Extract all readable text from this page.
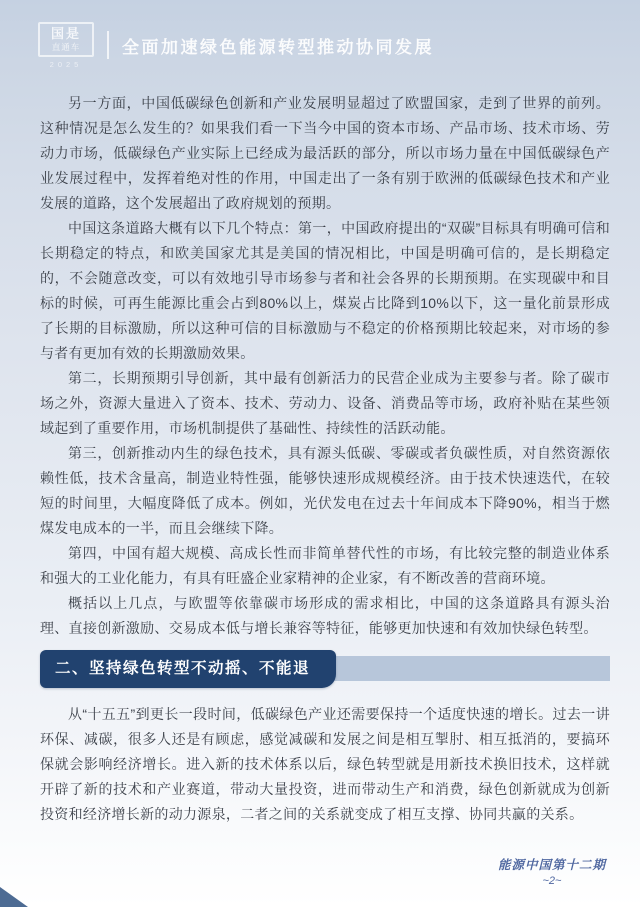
国是
直通车
2025
全面加速绿色能源转型推动协同发展

另一方面，中国低碳绿色创新和产业发展明显超过了欧盟国家，走到了世界的前列。这种情况是怎么发生的？如果我们看一下当今中国的资本市场、产品市场、技术市场、劳动力市场，低碳绿色产业实际上已经成为最活跃的部分，所以市场力量在中国低碳绿色产业发展过程中，发挥着绝对性的作用，中国走出了一条有别于欧洲的低碳绿色技术和产业发展的道路，这个发展超出了政府规划的预期。

中国这条道路大概有以下几个特点：第一，中国政府提出的“双碳”目标具有明确可信和长期稳定的特点，和欧美国家尤其是美国的情况相比，中国是明确可信的，是长期稳定的，不会随意改变，可以有效地引导市场参与者和社会各界的长期预期。在实现碳中和目标的时候，可再生能源比重会占到80%以上，煤炭占比降到10%以下，这一量化前景形成了长期的目标激励，所以这种可信的目标激励与不稳定的价格预期比较起来，对市场的参与者有更加有效的长期激励效果。

第二，长期预期引导创新，其中最有创新活力的民营企业成为主要参与者。除了碳市场之外，资源大量进入了资本、技术、劳动力、设备、消费品等市场，政府补贴在某些领域起到了重要作用，市场机制提供了基础性、持续性的活跃动能。

第三，创新推动内生的绿色技术，具有源头低碳、零碳或者负碳性质，对自然资源依赖性低，技术含量高，制造业特性强，能够快速形成规模经济。由于技术快速迭代，在较短的时间里，大幅度降低了成本。例如，光伏发电在过去十年间成本下降90%，相当于燃煤发电成本的一半，而且会继续下降。

第四，中国有超大规模、高成长性而非简单替代性的市场，有比较完整的制造业体系和强大的工业化能力，有具有旺盛企业家精神的企业家，有不断改善的营商环境。

概括以上几点，与欧盟等依靠碳市场形成的需求相比，中国的这条道路具有源头治理、直接创新激励、交易成本低与增长兼容等特征，能够更加快速和有效加快绿色转型。

二、坚持绿色转型不动摇、不能退

从“十五五”到更长一段时间，低碳绿色产业还需要保持一个适度快速的增长。过去一讲环保、减碳，很多人还是有顾虑，感觉减碳和发展之间是相互掣肘、相互抵消的，要搞环保就会影响经济增长。进入新的技术体系以后，绿色转型就是用新技术换旧技术，这样就开辟了新的技术和产业赛道，带动大量投资，进而带动生产和消费，绿色创新就成为创新投资和经济增长新的动力源泉，二者之间的关系就变成了相互支撑、协同共赢的关系。

能源中国第十二期
~2~
